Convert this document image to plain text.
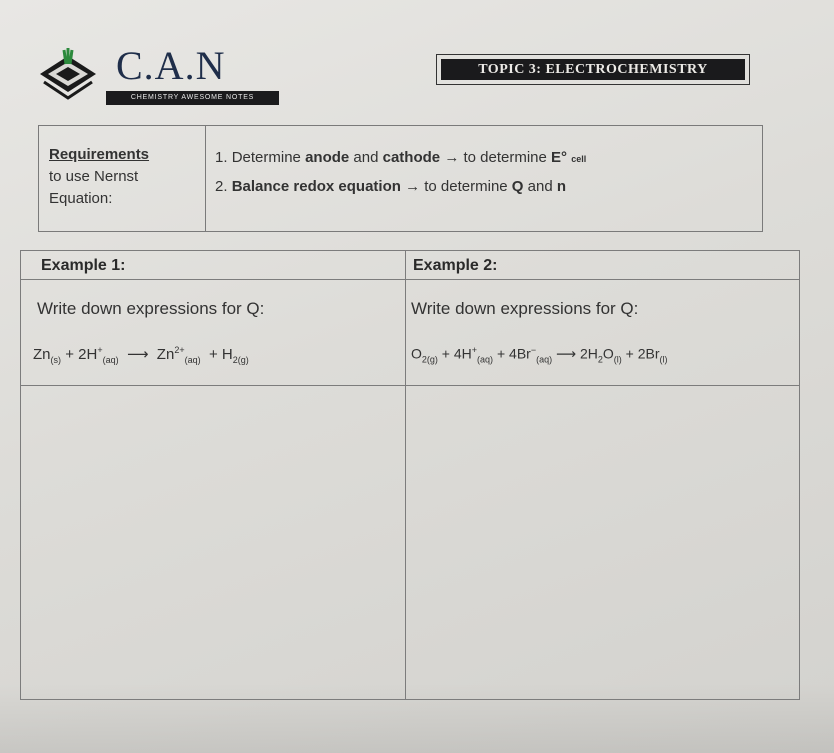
C.A.N
CHEMISTRY AWESOME NOTES
TOPIC 3: ELECTROCHEMISTRY
Requirements
to use Nernst
Equation:
1. Determine anode and cathode → to determine E° cell
2. Balance redox equation → to determine Q and n
Example 1:
Write down expressions for Q:
$Zn_{(s)} + 2H^+_{(aq)}$ ⟶ $Zn^{2+}_{(aq)} + H_{2(g)}$
Example 2:
Write down expressions for Q:
$O_{2(g)} + 4H^+_{(aq)} + 4Br^-_{(aq)}$ ⟶ $2H_2O_{(l)} + 2Br_{(l)}$
